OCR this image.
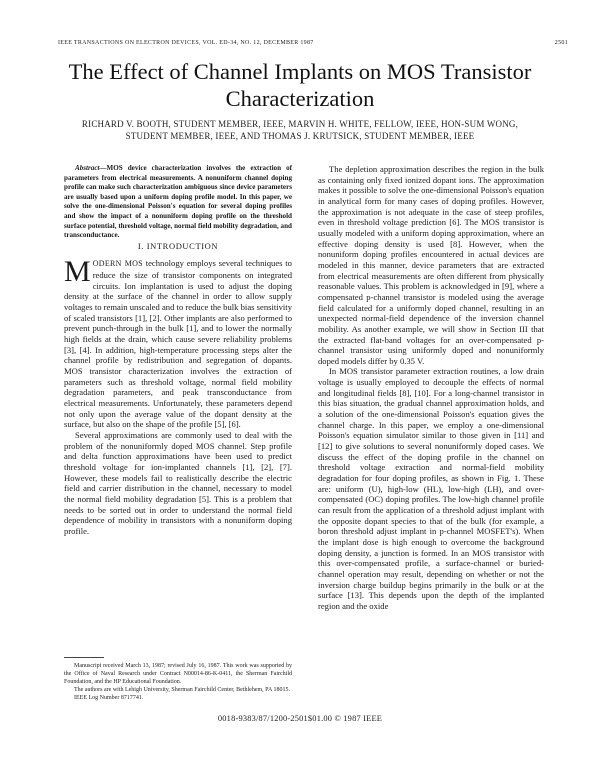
IEEE TRANSACTIONS ON ELECTRON DEVICES, VOL. ED-34, NO. 12, DECEMBER 1987	2501
The Effect of Channel Implants on MOS Transistor Characterization
RICHARD V. BOOTH, STUDENT MEMBER, IEEE, MARVIN H. WHITE, FELLOW, IEEE, HON-SUM WONG,
STUDENT MEMBER, IEEE, AND THOMAS J. KRUTSICK, STUDENT MEMBER, IEEE

Abstract—MOS device characterization involves the extraction of parameters from electrical measurements. A nonuniform channel doping profile can make such characterization ambiguous since device parameters are usually based upon a uniform doping profile model. In this paper, we solve the one-dimensional Poisson's equation for several doping profiles and show the impact of a nonuniform doping profile on the threshold surface potential, threshold voltage, normal field mobility degradation, and transconductance.

I. INTRODUCTION

MODERN MOS technology employs several techniques to reduce the size of transistor components on integrated circuits. Ion implantation is used to adjust the doping density at the surface of the channel in order to allow supply voltages to remain unscaled and to reduce the bulk bias sensitivity of scaled transistors [1], [2]. Other implants are also performed to prevent punch-through in the bulk [1], and to lower the normally high fields at the drain, which cause severe reliability problems [3], [4]. In addition, high-temperature processing steps alter the channel profile by redistribution and segregation of dopants. MOS transistor characterization involves the extraction of parameters such as threshold voltage, normal field mobility degradation parameters, and peak transconductance from electrical measurements. Unfortunately, these parameters depend not only upon the average value of the dopant density at the surface, but also on the shape of the profile [5], [6].

Several approximations are commonly used to deal with the problem of the nonuniformly doped MOS channel. Step profile and delta function approximations have been used to predict threshold voltage for ion-implanted channels [1], [2], [7]. However, these models fail to realistically describe the electric field and carrier distribution in the channel, necessary to model the normal field mobility degradation [5]. This is a problem that needs to be sorted out in order to understand the normal field dependence of mobility in transistors with a nonuniform doping profile.

The depletion approximation describes the region in the bulk as containing only fixed ionized dopant ions. The approximation makes it possible to solve the one-dimensional Poisson's equation in analytical form for many cases of doping profiles. However, the approximation is not adequate in the case of steep profiles, even in threshold voltage prediction [6]. The MOS transistor is usually modeled with a uniform doping approximation, where an effective doping density is used [8]. However, when the nonuniform doping profiles encountered in actual devices are modeled in this manner, device parameters that are extracted from electrical measurements are often different from physically reasonable values. This problem is acknowledged in [9], where a compensated p-channel transistor is modeled using the average field calculated for a uniformly doped channel, resulting in an unexpected normal-field dependence of the inversion channel mobility. As another example, we will show in Section III that the extracted flat-band voltages for an over-compensated p-channel transistor using uniformly doped and nonuniformly doped models differ by 0.35 V.

In MOS transistor parameter extraction routines, a low drain voltage is usually employed to decouple the effects of normal and longitudinal fields [8], [10]. For a long-channel transistor in this bias situation, the gradual channel approximation holds, and a solution of the one-dimensional Poisson's equation gives the channel charge. In this paper, we employ a one-dimensional Poisson's equation simulator similar to those given in [11] and [12] to give solutions to several nonuniformly doped cases. We discuss the effect of the doping profile in the channel on threshold voltage extraction and normal-field mobility degradation for four doping profiles, as shown in Fig. 1. These are: uniform (U), high-low (HL), low-high (LH), and over-compensated (OC) doping profiles. The low-high channel profile can result from the application of a threshold adjust implant with the opposite dopant species to that of the bulk (for example, a boron threshold adjust implant in p-channel MOSFET's). When the implant dose is high enough to overcome the background doping density, a junction is formed. In an MOS transistor with this over-compensated profile, a surface-channel or buried-channel operation may result, depending on whether or not the inversion charge buildup begins primarily in the bulk or at the surface [13]. This depends upon the depth of the implanted region and the oxide

Manuscript received March 13, 1987; revised July 16, 1987. This work was supported by the Office of Naval Research under Contract N00014-86-K-0411, the Sherman Fairchild Foundation, and the HP Educational Foundation.

The authors are with Lehigh University, Sherman Fairchild Center, Bethlehem, PA 18015.

IEEE Log Number 8717741.

0018-9383/87/1200-2501$01.00 © 1987 IEEE
